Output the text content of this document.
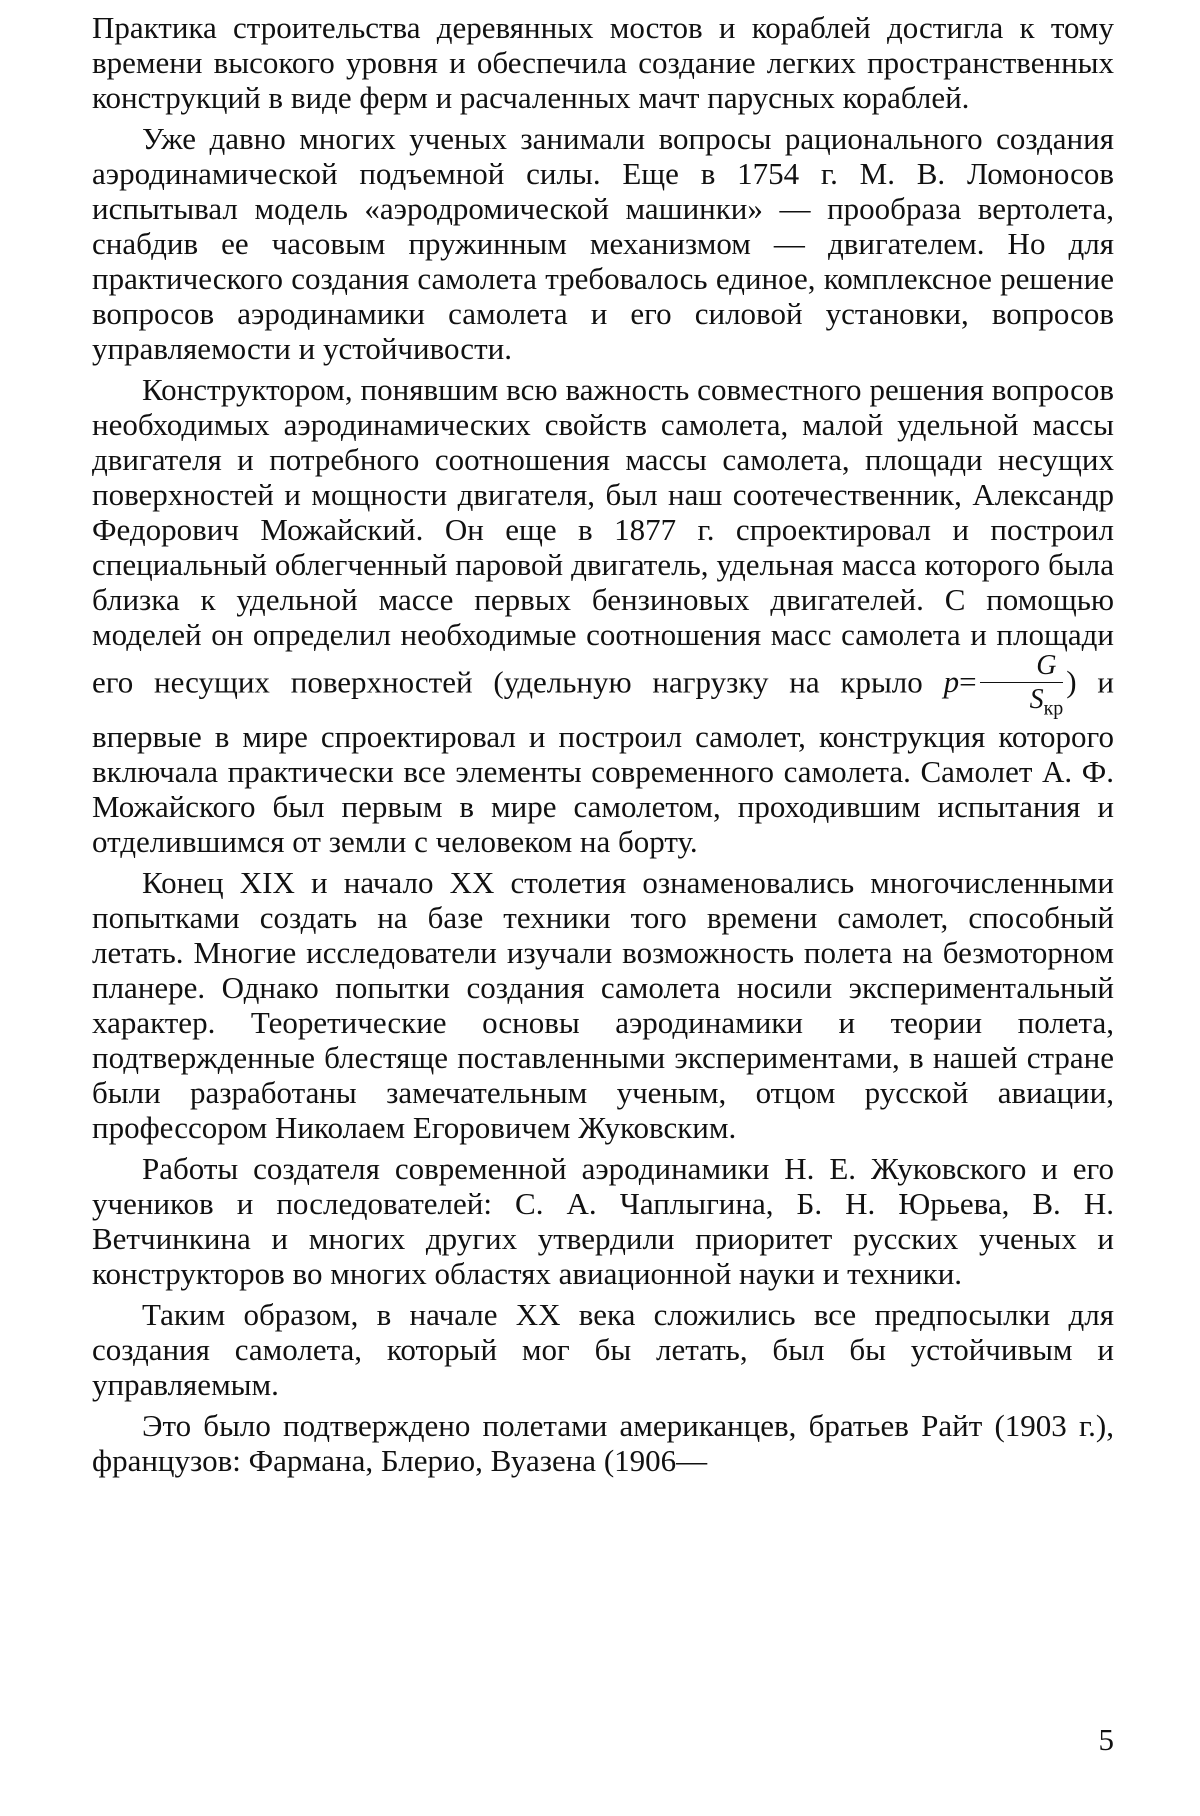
Практика строительства деревянных мостов и кораблей достигла к тому времени высокого уровня и обеспечила создание легких пространственных конструкций в виде ферм и расчаленных мачт парусных кораблей.

Уже давно многих ученых занимали вопросы рационального создания аэродинамической подъемной силы. Еще в 1754 г. М. В. Ломоносов испытывал модель «аэродромической машинки» — прообраза вертолета, снабдив ее часовым пружинным механизмом — двигателем. Но для практического создания самолета требовалось единое, комплексное решение вопросов аэродинамики самолета и его силовой установки, вопросов управляемости и устойчивости.

Конструктором, понявшим всю важность совместного решения вопросов необходимых аэродинамических свойств самолета, малой удельной массы двигателя и потребного соотношения массы самолета, площади несущих поверхностей и мощности двигателя, был наш соотечественник, Александр Федорович Можайский. Он еще в 1877 г. спроектировал и построил специальный облегченный паровой двигатель, удельная масса которого была близка к удельной массе первых бензиновых двигателей. С помощью моделей он определил необходимые соотношения масс самолета и площади его несущих поверхностей (удельную нагрузку на крыло $p= \frac{G}{S_{кр}}$ ) и впервые в мире спроектировал и построил самолет, конструкция которого включала практически все элементы современного самолета. Самолет А. Ф. Можайского был первым в мире самолетом, проходившим испытания и отделившимся от земли с человеком на борту.

Конец XIX и начало XX столетия ознаменовались многочисленными попытками создать на базе техники того времени самолет, способный летать. Многие исследователи изучали возможность полета на безмоторном планере. Однако попытки создания самолета носили экспериментальный характер. Теоретические основы аэродинамики и теории полета, подтвержденные блестяще поставленными экспериментами, в нашей стране были разработаны замечательным ученым, отцом русской авиации, профессором Николаем Егоровичем Жуковским.

Работы создателя современной аэродинамики Н. Е. Жуковского и его учеников и последователей: С. А. Чаплыгина, Б. Н. Юрьева, В. Н. Ветчинкина и многих других утвердили приоритет русских ученых и конструкторов во многих областях авиационной науки и техники.

Таким образом, в начале XX века сложились все предпосылки для создания самолета, который мог бы летать, был бы устойчивым и управляемым.

Это было подтверждено полетами американцев, братьев Райт (1903 г.), французов: Фармана, Блерио, Вуазена (1906—

5
